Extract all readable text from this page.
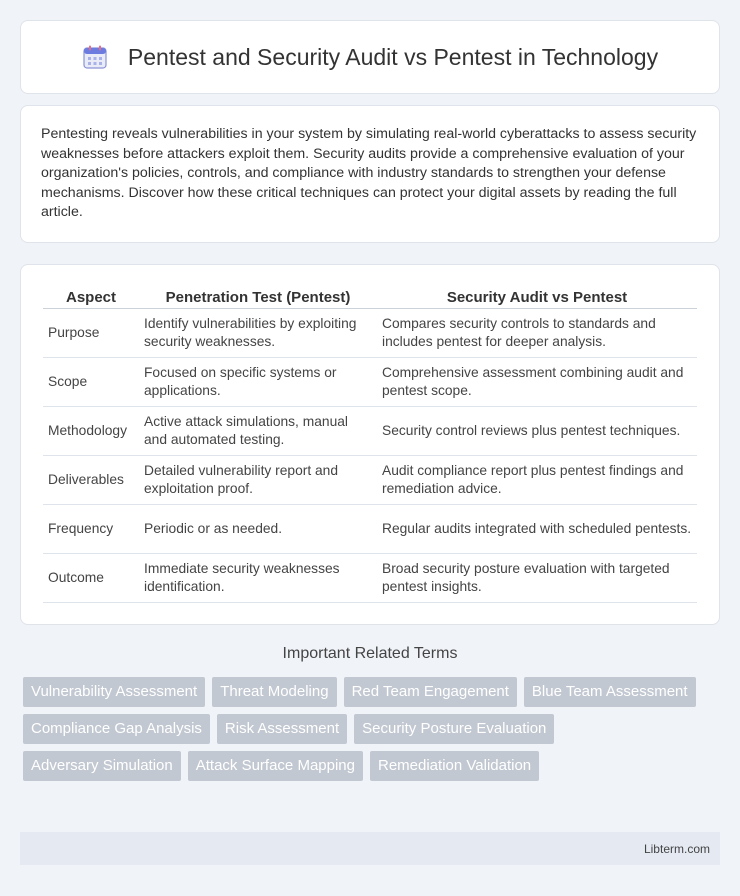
Pentest and Security Audit vs Pentest in Technology

Pentesting reveals vulnerabilities in your system by simulating real-world cyberattacks to assess security weaknesses before attackers exploit them. Security audits provide a comprehensive evaluation of your organization's policies, controls, and compliance with industry standards to strengthen your defense mechanisms. Discover how these critical techniques can protect your digital assets by reading the full article.

Aspect	Penetration Test (Pentest)	Security Audit vs Pentest
Purpose	Identify vulnerabilities by exploiting security weaknesses.	Compares security controls to standards and includes pentest for deeper analysis.
Scope	Focused on specific systems or applications.	Comprehensive assessment combining audit and pentest scope.
Methodology	Active attack simulations, manual and automated testing.	Security control reviews plus pentest techniques.
Deliverables	Detailed vulnerability report and exploitation proof.	Audit compliance report plus pentest findings and remediation advice.
Frequency	Periodic or as needed.	Regular audits integrated with scheduled pentests.
Outcome	Immediate security weaknesses identification.	Broad security posture evaluation with targeted pentest insights.
Important Related Terms
Vulnerability Assessment	Threat Modeling	Red Team Engagement	Blue Team Assessment
Compliance Gap Analysis	Risk Assessment	Security Posture Evaluation
Adversary Simulation	Attack Surface Mapping	Remediation Validation
Libterm.com
